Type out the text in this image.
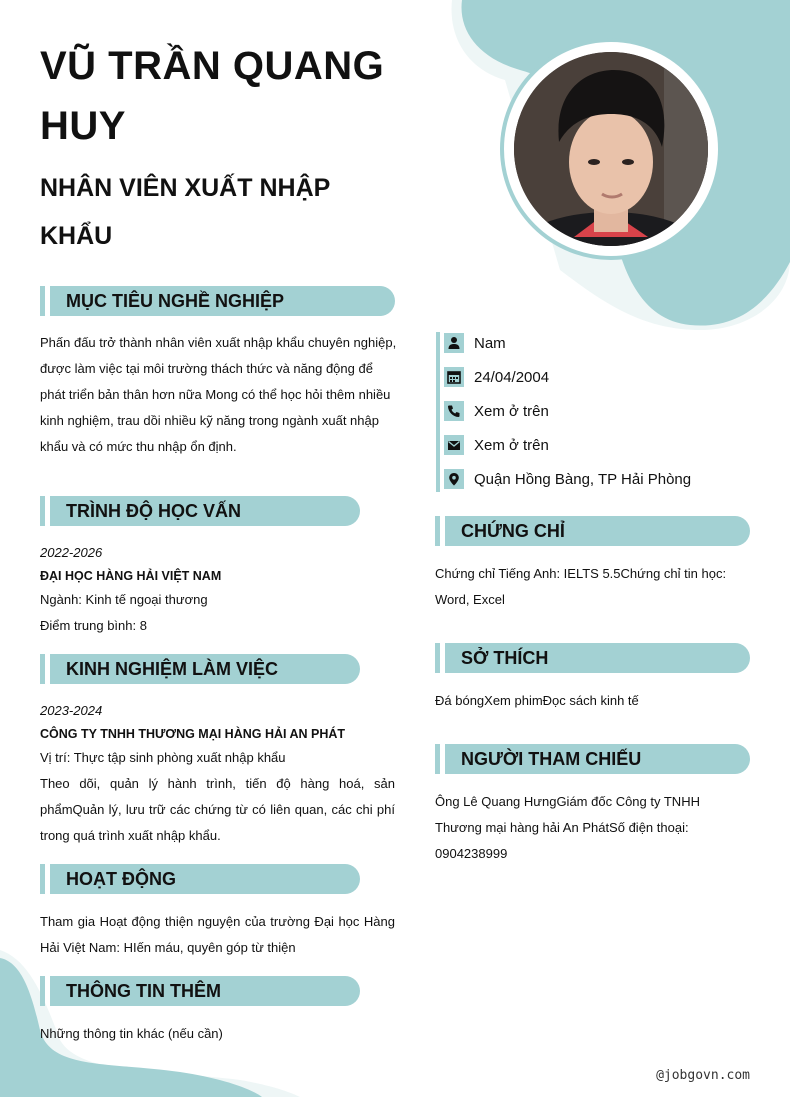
VŨ TRẦN QUANG HUY
NHÂN VIÊN XUẤT NHẬP KHẨU
MỤC TIÊU NGHỀ NGHIỆP
Phấn đấu trở thành nhân viên xuất nhập khẩu chuyên nghiệp, được làm việc tại môi trường thách thức và năng động để phát triển bản thân hơn nữa Mong có thể học hỏi thêm nhiều kinh nghiệm, trau dồi nhiều kỹ năng trong ngành xuất nhập khẩu và có mức thu nhập ổn định.
TRÌNH ĐỘ HỌC VẤN
2022-2026
ĐẠI HỌC HÀNG HẢI VIỆT NAM
Ngành: Kinh tế ngoại thương
Điểm trung bình: 8
KINH NGHIỆM LÀM VIỆC
2023-2024
CÔNG TY TNHH THƯƠNG MẠI HÀNG HẢI AN PHÁT
Vị trí: Thực tập sinh phòng xuất nhập khẩu
Theo dõi, quản lý hành trình, tiến độ hàng hoá, sản phẩmQuản lý, lưu trữ các chứng từ có liên quan, các chi phí trong quá trình xuất nhập khẩu.
HOẠT ĐỘNG
Tham gia Hoạt động thiện nguyện của trường Đại học Hàng Hải Việt Nam: HIến máu, quyên góp từ thiện
THÔNG TIN THÊM
Những thông tin khác (nếu cần)
Nam
24/04/2004
Xem ở trên
Xem ở trên
Quận Hồng Bàng, TP Hải Phòng
CHỨNG CHỈ
Chứng chỉ Tiếng Anh: IELTS 5.5Chứng chỉ tin học: Word, Excel
SỞ THÍCH
Đá bóngXem phimĐọc sách kinh tế
NGƯỜI THAM CHIẾU
Ông Lê Quang HưngGiám đốc Công ty TNHH Thương mại hàng hải An PhátSố điện thoại: 0904238999
@jobgovn.com
